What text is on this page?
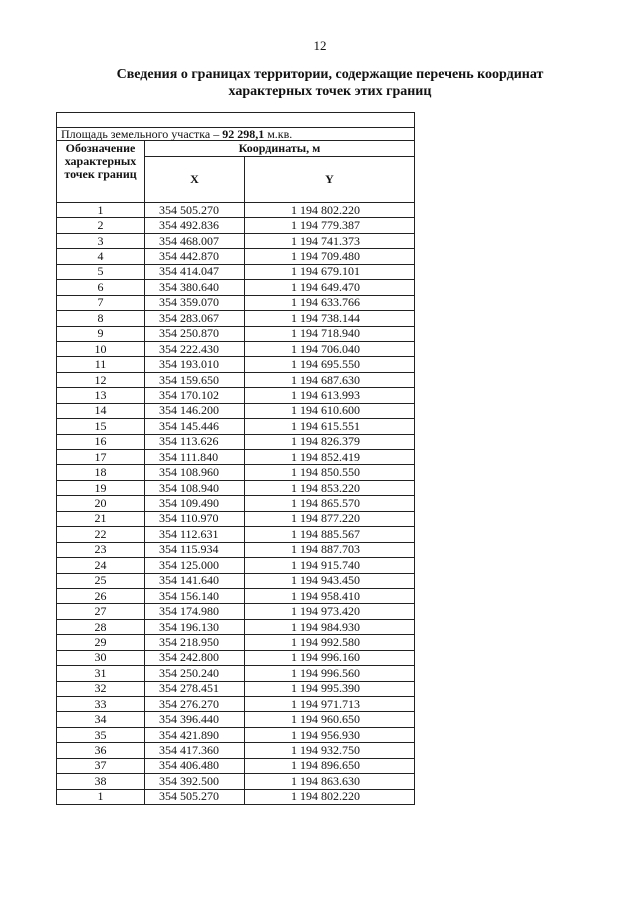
12
Сведения о границах территории, содержащие перечень координат
характерных точек этих границ

Площадь земельного участка – 92 298,1 м.кв.		
Обозначение характерных точек границ	Координаты, м	
	X	Y
1	354 505.270	1 194 802.220
2	354 492.836	1 194 779.387
3	354 468.007	1 194 741.373
4	354 442.870	1 194 709.480
5	354 414.047	1 194 679.101
6	354 380.640	1 194 649.470
7	354 359.070	1 194 633.766
8	354 283.067	1 194 738.144
9	354 250.870	1 194 718.940
10	354 222.430	1 194 706.040
11	354 193.010	1 194 695.550
12	354 159.650	1 194 687.630
13	354 170.102	1 194 613.993
14	354 146.200	1 194 610.600
15	354 145.446	1 194 615.551
16	354 113.626	1 194 826.379
17	354 111.840	1 194 852.419
18	354 108.960	1 194 850.550
19	354 108.940	1 194 853.220
20	354 109.490	1 194 865.570
21	354 110.970	1 194 877.220
22	354 112.631	1 194 885.567
23	354 115.934	1 194 887.703
24	354 125.000	1 194 915.740
25	354 141.640	1 194 943.450
26	354 156.140	1 194 958.410
27	354 174.980	1 194 973.420
28	354 196.130	1 194 984.930
29	354 218.950	1 194 992.580
30	354 242.800	1 194 996.160
31	354 250.240	1 194 996.560
32	354 278.451	1 194 995.390
33	354 276.270	1 194 971.713
34	354 396.440	1 194 960.650
35	354 421.890	1 194 956.930
36	354 417.360	1 194 932.750
37	354 406.480	1 194 896.650
38	354 392.500	1 194 863.630
1	354 505.270	1 194 802.220
